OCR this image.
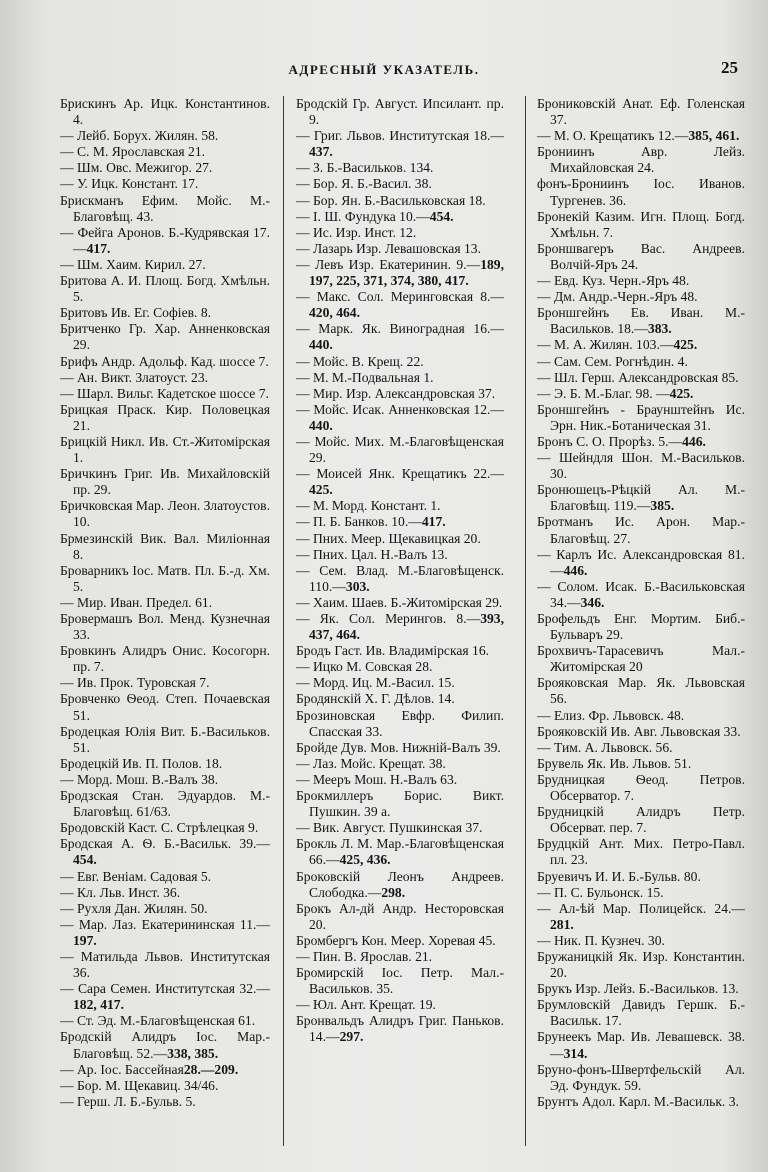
АДРЕСНЫЙ УКАЗАТЕЛЬ.	25

Брискинъ Ар. Ицк. Константинов. 4.

— Лейб. Борух. Жилян. 58.

— С. М. Ярославская 21.

— Шм. Овс. Межигор. 27.

— У. Ицк. Констант. 17.

Брискманъ Ефим. Мойс. М.-Благовѣщ. 43.

— Фейга Аронов. Б.-Кудрявская 17.—417.

— Шм. Хаим. Кирил. 27.

Бритова А. И. Площ. Богд. Хмѣльн. 5.

Бритовъ Ив. Ег. Софіев. 8.

Бритченко Гр. Хар. Анненковская 29.

Брифъ Андр. Адольф. Кад. шоссе 7.

— Ан. Викт. Златоуст. 23.

— Шарл. Вильг. Кадетское шоссе 7.

Брицкая Праск. Кир. Половецкая 21.

Брицкій Никл. Ив. Ст.-Житомірская 1.

Бричкинъ Григ. Ив. Михайловскій пр. 29.

Бричковская Мар. Леон. Златоустов. 10.

Брмезинскій Вик. Вал. Миліонная 8.

Броварникъ Іос. Матв. Пл. Б.-д. Хм. 5.

— Мир. Иван. Предел. 61.

Бровермашъ Вол. Менд. Кузнечная 33.

Бровкинъ Алидръ Онис. Косогорн. пр. 7.

— Ив. Прок. Туровская 7.

Бровченко Ѳеод. Степ. Почаевская 51.

Бродецкая Юлія Вит. Б.-Васильков. 51.

Бродецкій Ив. П. Полов. 18.

— Морд. Мош. В.-Валъ 38.

Бродзская Стан. Эдуардов. М.-Благовѣщ. 61/63.

Бродовскій Каст. С. Стрѣлецкая 9.

Бродская А. Ѳ. Б.-Васильк. 39.—454.

— Евг. Веніам. Садовая 5.

— Кл. Льв. Инст. 36.

— Рухля Дан. Жилян. 50.

— Мар. Лаз. Екатерининская 11.—197.

— Матильда Львов. Институтская 36.

— Сара Семен. Институтская 32.—182, 417.

— Ст. Эд. М.-Благовѣщенская 61.

Бродскій Алидръ Іос. Мар.-Благовѣщ. 52.—338, 385.

— Ар. Іос. Бассейная28.—209.

— Бор. М. Щекавиц. 34/46.

— Герш. Л. Б.-Бульв. 5.

Бродскій Гр. Август. Ипсилант. пр. 9.

— Григ. Львов. Институтская 18.—437.

— З. Б.-Васильков. 134.

— Бор. Я. Б.-Васил. 38.

— Бор. Ян. Б.-Васильковская 18.

— І. Ш. Фундука 10.—454.

— Ис. Изр. Инст. 12.

— Лазарь Изр. Левашовская 13.

— Левъ Изр. Екатеринин. 9.—189, 197, 225, 371, 374, 380, 417.

— Макс. Сол. Меринговская 8.—420, 464.

— Марк. Як. Виноградная 16.—440.

— Мойс. В. Крещ. 22.

— М. М.-Подвальная 1.

— Мир. Изр. Александровская 37.

— Мойс. Исак. Анненковская 12.—440.

— Мойс. Мих. М.-Благовѣщенская 29.

— Моисей Янк. Крещатикъ 22.—425.

— М. Морд. Констант. 1.

— П. Б. Банков. 10.—417.

— Пних. Меер. Щекавицкая 20.

— Пних. Цал. Н.-Валъ 13.

— Сем. Влад. М.-Благовѣщенск. 110.—303.

— Хаим. Шаев. Б.-Житомірская 29.

— Як. Сол. Мерингов. 8.—393, 437, 464.

Бродъ Гаст. Ив. Владимірская 16.

— Ицко М. Совская 28.

— Морд. Иц. М.-Васил. 15.

Бродянскій Х. Г. Дѣлов. 14.

Брозиновская Евфр. Филип. Спасская 33.

Бройде Дув. Мов. Нижній-Валъ 39.

— Лаз. Мойс. Крещат. 38.

— Мееръ Мош. Н.-Валъ 63.

Брокмиллеръ Борис. Викт. Пушкин. 39 а.

— Вик. Август. Пушкинская 37.

Брокль Л. М. Мар.-Благовѣщенская 66.—425, 436.

Броковскій Леонъ Андреев. Слободка.—298.

Брокъ Ал-дй Андр. Несторовская 20.

Бромбергъ Кон. Меер. Хоревая 45.

— Пин. В. Ярослав. 21.

Бромирскій Іос. Петр. Мал.-Васильков. 35.

— Юл. Ант. Крещат. 19.

Бронвальдъ Алидръ Григ. Паньков. 14.—297.

Брониковскій Анат. Еф. Голенская 37.

— М. О. Крещатикъ 12.—385, 461.

Брониинъ Авр. Лейз. Михайловская 24.

фонъ-Брониинъ Іос. Иванов. Тургенев. 36.

Бронекій Казим. Игн. Площ. Богд. Хмѣльн. 7.

Броншвагеръ Вас. Андреев. Волчій-Яръ 24.

— Евд. Куз. Черн.-Яръ 48.

— Дм. Андр.-Черн.-Яръ 48.

Броншгейнъ Ев. Иван. М.-Васильков. 18.—383.

— М. А. Жилян. 103.—425.

— Сам. Сем. Рогнѣдин. 4.

— Шл. Герш. Александровская 85.

— Э. Б. М.-Благ. 98. —425.

Броншгейнъ - Браунштейнъ Ис. Эрн. Ник.-Ботаническая 31.

Бронъ С. О. Прорѣз. 5.—446.

— Шейндля Шон. М.-Васильков. 30.

Бронюшецъ-Рѣцкій Ал. М.-Благовѣщ. 119.—385.

Бротманъ Ис. Арон. Мар.-Благовѣщ. 27.

— Карлъ Ис. Александровская 81.—446.

— Солом. Исак. Б.-Васильковская 34.—346.

Брофельдъ Енг. Мортим. Биб.-Бульваръ 29.

Брохвичъ-Тарасевичъ Мал.-Житомірская 20

Брояковская Мар. Як. Львовская 56.

— Елиз. Фр. Львовск. 48.

Брояковскій Ив. Авг. Львовская 33.

— Тим. А. Львовск. 56.

Брувель Як. Ив. Львов. 51.

Брудницкая Ѳеод. Петров. Обсерватор. 7.

Брудницкій Алидръ Петр. Обсерват. пер. 7.

Брудцкій Ант. Мих. Петро-Павл. пл. 23.

Бруевичъ И. И. Б.-Бульв. 80.

— П. С. Бульонск. 15.

— Ал-ѣй Мар. Полицейск. 24.—281.

— Ник. П. Кузнеч. 30.

Бружаницкій Як. Изр. Константин. 20.

Брукъ Изр. Лейз. Б.-Васильков. 13.

Брумловскій Давидъ Гершк. Б.-Васильк. 17.

Брунеекъ Мар. Ив. Левашевск. 38.—314.

Бруно-фонъ-Швертфельскій Ал. Эд. Фундук. 59.

Брунтъ Адол. Карл. М.-Васильк. 3.
